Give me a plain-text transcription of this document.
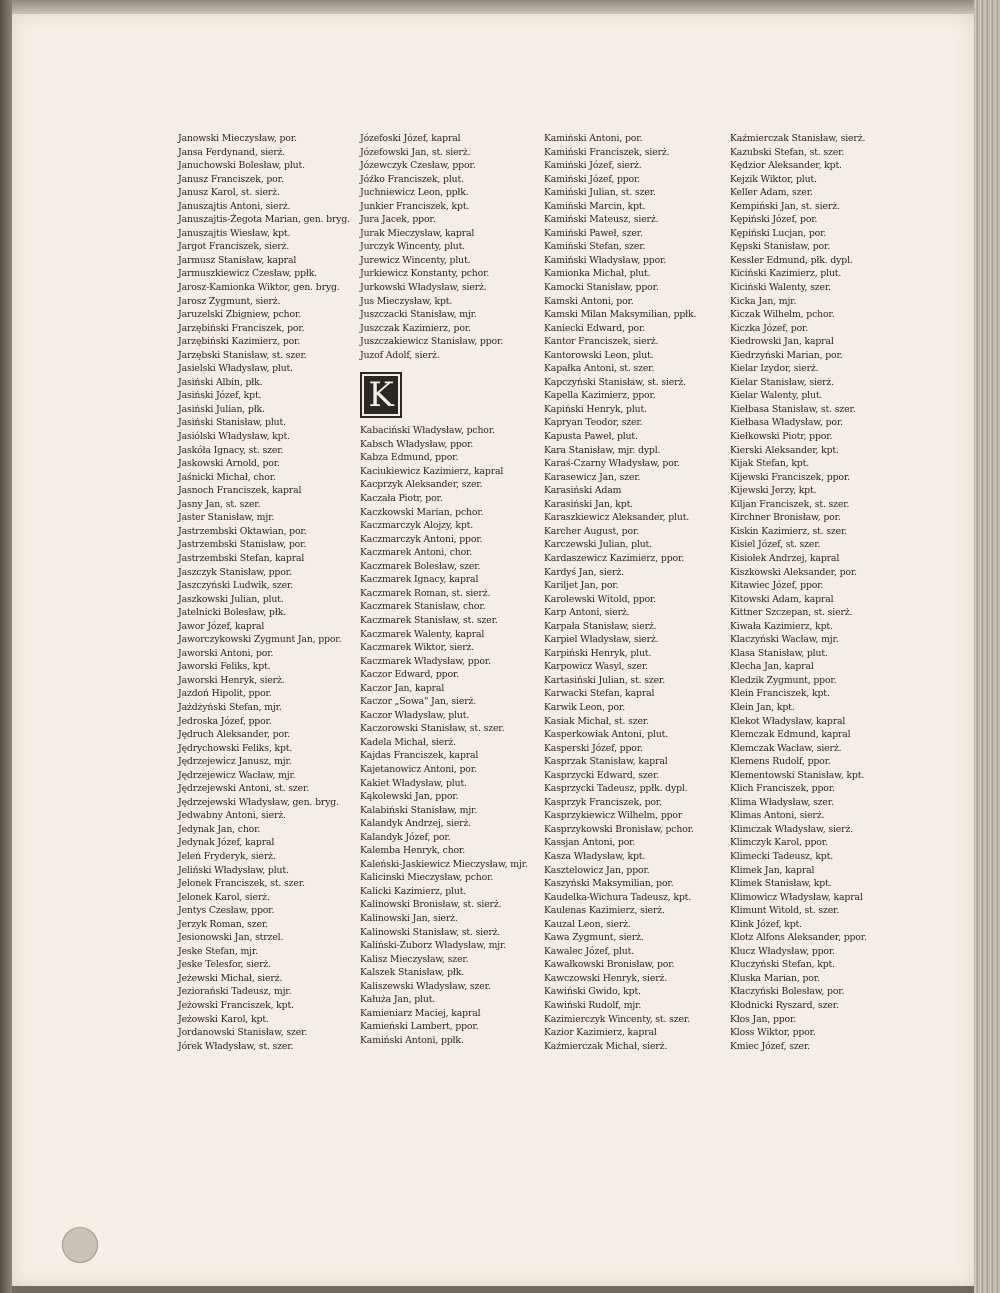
Janowski Mieczysław, por.
Jansa Ferdynand, sierż.
Januchowski Bolesław, plut.
Janusz Franciszek, por.
Janusz Karol, st. sierż.
Januszajtis Antoni, sierż.
Januszajtis-Żegota Marian, gen. bryg.
Januszajtis Wiesław, kpt.
Jargot Franciszek, sierż.
Jarmusz Stanisław, kapral
Jarmuszkiewicz Czesław, ppłk.
Jarosz-Kamionka Wiktor, gen. bryg.
Jarosz Zygmunt, sierż.
Jaruzelski Zbigniew, pchor.
Jarzębiński Franciszek, por.
Jarzębiński Kazimierz, por.
Jarzębski Stanisław, st. szer.
Jasielski Władysław, plut.
Jasiński Albin, płk.
Jasiński Józef, kpt.
Jasiński Julian, płk.
Jasiński Stanisław, plut.
Jasiólski Władysław, kpt.
Jaskóła Ignacy, st. szer.
Jaskowski Arnold, por.
Jaśnicki Michał, chor.
Jasnoch Franciszek, kapral
Jasny Jan, st. szer.
Jaster Stanisław, mjr.
Jastrzembski Oktawian, por.
Jastrzembski Stanisław, por.
Jastrzembski Stefan, kapral
Jaszczyk Stanisław, ppor.
Jaszczyński Ludwik, szer.
Jaszkowski Julian, plut.
Jatelnicki Bolesław, płk.
Jawor Józef, kapral
Jaworczykowski Zygmunt Jan, ppor.
Jaworski Antoni, por.
Jaworski Feliks, kpt.
Jaworski Henryk, sierż.
Jazdoń Hipolit, ppor.
Jażdżyński Stefan, mjr.
Jedroska Józef, ppor.
Jędruch Aleksander, por.
Jędrychowski Feliks, kpt.
Jędrzejewicz Janusz, mjr.
Jędrzejewicz Wacław, mjr.
Jędrzejewski Antoni, st. szer.
Jędrzejewski Władysław, gen. bryg.
Jedwabny Antoni, sierż.
Jedynak Jan, chor.
Jedynak Józef, kapral
Jeleń Fryderyk, sierż.
Jeliński Władysław, plut.
Jelonek Franciszek, st. szer.
Jelonek Karol, sierż.
Jentys Czesław, ppor.
Jerzyk Roman, szer.
Jesionowski Jan, strzel.
Jeske Stefan, mjr.
Jeske Telesfor, sierż.
Jeżewski Michał, sierż.
Jeziorański Tadeusz, mjr.
Jeżowski Franciszek, kpt.
Jeżowski Karol, kpt.
Jordanowski Stanisław, szer.
Jórek Władysław, st. szer.
Józefoski Józef, kapral
Józefowski Jan, st. sierż.
Józewczyk Czesław, ppor.
Jóźko Franciszek, plut.
Juchniewicz Leon, ppłk.
Junkier Franciszek, kpt.
Jura Jacek, ppor.
Jurak Mieczysław, kapral
Jurczyk Wincenty, plut.
Jurewicz Wincenty, plut.
Jurkiewicz Konstanty, pchor.
Jurkowski Władysław, sierż.
Jus Mieczysław, kpt.
Juszczacki Stanisław, mjr.
Juszczak Kazimierz, por.
Juszczakiewicz Stanisław, ppor.
Juzof Adolf, sierż.
K
Kabaciński Władysław, pchor.
Kabsch Władysław, ppor.
Kabza Edmund, ppor.
Kaciukiewicz Kazimierz, kapral
Kacprzyk Aleksander, szer.
Kaczała Piotr, por.
Kaczkowski Marian, pchor.
Kaczmarczyk Alojzy, kpt.
Kaczmarczyk Antoni, ppor.
Kaczmarek Antoni, chor.
Kaczmarek Bolesław, szer.
Kaczmarek Ignacy, kapral
Kaczmarek Roman, st. sierż.
Kaczmarek Stanisław, chor.
Kaczmarek Stanisław, st. szer.
Kaczmarek Walenty, kapral
Kaczmarek Wiktor, sierż.
Kaczmarek Władysław, ppor.
Kaczor Edward, ppor.
Kaczor Jan, kapral
Kaczor „Sowa" Jan, sierż.
Kaczor Władysław, plut.
Kaczorowski Stanisław, st. szer.
Kadela Michał, sierż.
Kajdas Franciszek, kapral
Kajetanowicz Antoni, por.
Kakiet Władysław, plut.
Kąkolewski Jan, ppor.
Kalabiński Stanisław, mjr.
Kalandyk Andrzej, sierż.
Kalandyk Józef, por.
Kalemba Henryk, chor.
Kaleński-Jaskiewicz Mieczysław, mjr.
Kalicinski Mieczysław, pchor.
Kalicki Kazimierz, plut.
Kalinowski Bronisław, st. sierż.
Kalinowski Jan, sierż.
Kalinowski Stanisław, st. sierż.
Kaliński-Zuborz Władysław, mjr.
Kalisz Mieczysław, szer.
Kalszek Stanisław, płk.
Kaliszewski Władysław, szer.
Kałuża Jan, plut.
Kamieniarz Maciej, kapral
Kamieński Lambert, ppor.
Kamiński Antoni, ppłk.
Kamiński Antoni, por.
Kamiński Franciszek, sierż.
Kamiński Józef, sierż.
Kamiński Józef, ppor.
Kamiński Julian, st. szer.
Kamiński Marcin, kpt.
Kamiński Mateusz, sierż.
Kamiński Paweł, szer.
Kamiński Stefan, szer.
Kamiński Władysław, ppor.
Kamionka Michał, plut.
Kamocki Stanisław, ppor.
Kamski Antoni, por.
Kamski Milan Maksymilian, ppłk.
Kaniecki Edward, por.
Kantor Franciszek, sierż.
Kantorowski Leon, plut.
Kapałka Antoni, st. szer.
Kapczyński Stanisław, st. sierż.
Kapella Kazimierz, ppor.
Kapiński Henryk, plut.
Kapryan Teodor, szer.
Kapusta Paweł, plut.
Kara Stanisław, mjr. dypl.
Karaś-Czarny Władysław, por.
Karasewicz Jan, szer.
Karasiński Adam
Karasiński Jan, kpt.
Karaszkiewicz Aleksander, plut.
Karcher August, por.
Karczewski Julian, plut.
Kardaszewicz Kazimierz, ppor.
Kardyś Jan, sierż.
Kariljet Jan, por.
Karolewski Witold, ppor.
Karp Antoni, sierż.
Karpała Stanisław, sierż.
Karpiel Władysław, sierż.
Karpiński Henryk, plut.
Karpowicz Wasyl, szer.
Kartasiński Julian, st. szer.
Karwacki Stefan, kapral
Karwik Leon, por.
Kasiak Michał, st. szer.
Kasperkowiak Antoni, plut.
Kasperski Józef, ppor.
Kasprzak Stanisław, kapral
Kasprzycki Edward, szer.
Kasprzycki Tadeusz, ppłk. dypl.
Kasprzyk Franciszek, por.
Kasprzykiewicz Wilhelm, ppor
Kasprzykowski Bronisław, pchor.
Kassjan Antoni, por.
Kasza Władysław, kpt.
Kasztelowicz Jan, ppor.
Kaszyński Maksymilian, por.
Kaudelka-Wichura Tadeusz, kpt.
Kaulenas Kazimierz, sierż.
Kauzal Leon, sierż.
Kawa Zygmunt, sierż.
Kawalec Józef, plut.
Kawałkowski Bronisław, por.
Kawczowski Henryk, sierż.
Kawiński Gwido, kpt.
Kawiński Rudolf, mjr.
Kazimierczyk Wincenty, st. szer.
Kazior Kazimierz, kapral
Kaźmierczak Michał, sierż.
Kaźmierczak Stanisław, sierż.
Kazubski Stefan, st. szer.
Kędzior Aleksander, kpt.
Kejzik Wiktor, plut.
Keller Adam, szer.
Kempiński Jan, st. sierż.
Kępiński Józef, por.
Kępiński Lucjan, por.
Kępski Stanisław, por.
Kessler Edmund, płk. dypl.
Kiciński Kazimierz, plut.
Kiciński Walenty, szer.
Kicka Jan, mjr.
Kiczak Wilhelm, pchor.
Kiczka Józef, por.
Kiedrowski Jan, kapral
Kiedrzyński Marian, por.
Kielar Izydor, sierż.
Kielar Stanisław, sierż.
Kielar Walenty, plut.
Kiełbasa Stanisław, st. szer.
Kiełbasa Władysław, por.
Kiełkowski Piotr, ppor.
Kierski Aleksander, kpt.
Kijak Stefan, kpt.
Kijewski Franciszek, ppor.
Kijewski Jerzy, kpt.
Kiljan Franciszek, st. szer.
Kirchner Bronisław, por.
Kiskin Kazimierz, st. szer.
Kisiel Józef, st. szer.
Kisiołek Andrzej, kapral
Kiszkowski Aleksander, por.
Kitawiec Józef, ppor.
Kitowski Adam, kapral
Kittner Szczepan, st. sierż.
Kiwała Kazimierz, kpt.
Klaczyński Wacław, mjr.
Klasa Stanisław, plut.
Klecha Jan, kapral
Kledzik Zygmunt, ppor.
Klein Franciszek, kpt.
Klein Jan, kpt.
Klekot Władysław, kapral
Klemczak Edmund, kapral
Klemczak Wacław, sierż.
Klemens Rudolf, ppor.
Klementowski Stanisław, kpt.
Klich Franciszek, ppor.
Klima Władysław, szer.
Klimas Antoni, sierż.
Klimczak Władysław, sierż.
Klimczyk Karol, ppor.
Klimecki Tadeusz, kpt.
Klimek Jan, kapral
Klimek Stanisław, kpt.
Klimowicz Władysław, kapral
Klimunt Witold, st. szer.
Klink Józef, kpt.
Klotz Alfons Aleksander, ppor.
Klucz Władysław, ppor.
Kluczyński Stefan, kpt.
Kluska Marian, por.
Kłaczyński Bolesław, por.
Kłodnicki Ryszard, szer.
Kłos Jan, ppor.
Kloss Wiktor, ppor.
Kmiec Józef, szer.
